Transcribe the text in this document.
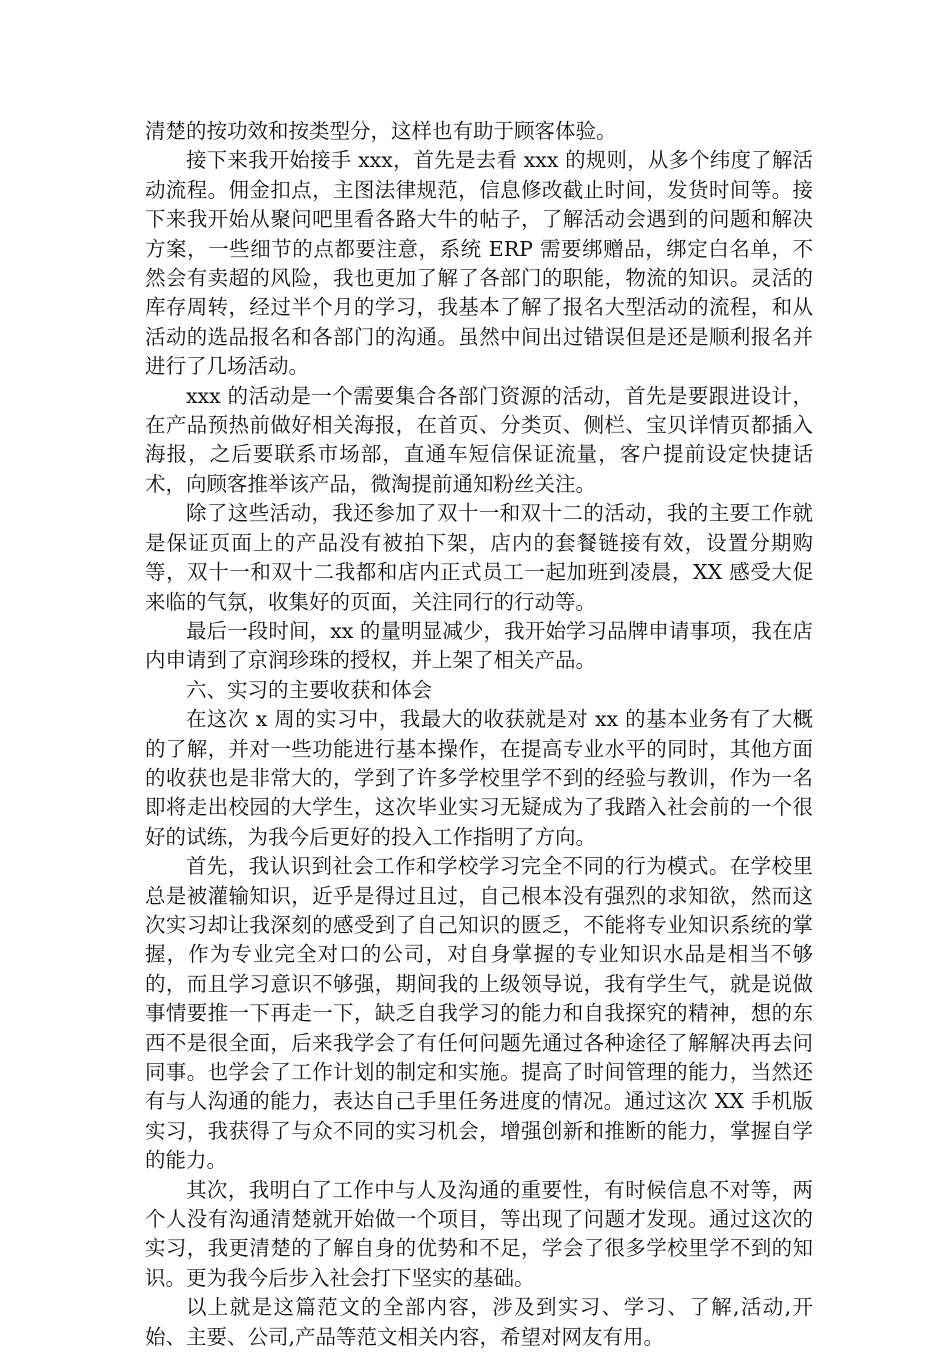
清楚的按功效和按类型分，这样也有助于顾客体验。

接下来我开始接手 xxx，首先是去看 xxx 的规则，从多个纬度了解活动流程。佣金扣点，主图法律规范，信息修改截止时间，发货时间等。接下来我开始从聚问吧里看各路大牛的帖子，了解活动会遇到的问题和解决方案，一些细节的点都要注意，系统 ERP 需要绑赠品，绑定白名单，不然会有卖超的风险，我也更加了解了各部门的职能，物流的知识。灵活的库存周转，经过半个月的学习，我基本了解了报名大型活动的流程，和从活动的选品报名和各部门的沟通。虽然中间出过错误但是还是顺利报名并进行了几场活动。

xxx 的活动是一个需要集合各部门资源的活动，首先是要跟进设计，在产品预热前做好相关海报，在首页、分类页、侧栏、宝贝详情页都插入海报，之后要联系市场部，直通车短信保证流量，客户提前设定快捷话术，向顾客推举该产品，微淘提前通知粉丝关注。

除了这些活动，我还参加了双十一和双十二的活动，我的主要工作就是保证页面上的产品没有被拍下架，店内的套餐链接有效，设置分期购等，双十一和双十二我都和店内正式员工一起加班到凌晨，XX 感受大促来临的气氛，收集好的页面，关注同行的行动等。

最后一段时间，xx 的量明显减少，我开始学习品牌申请事项，我在店内申请到了京润珍珠的授权，并上架了相关产品。

六、实习的主要收获和体会

在这次 x 周的实习中，我最大的收获就是对 xx 的基本业务有了大概的了解，并对一些功能进行基本操作，在提高专业水平的同时，其他方面的收获也是非常大的，学到了许多学校里学不到的经验与教训，作为一名即将走出校园的大学生，这次毕业实习无疑成为了我踏入社会前的一个很好的试练，为我今后更好的投入工作指明了方向。

首先，我认识到社会工作和学校学习完全不同的行为模式。在学校里总是被灌输知识，近乎是得过且过，自己根本没有强烈的求知欲，然而这次实习却让我深刻的感受到了自己知识的匮乏，不能将专业知识系统的掌握，作为专业完全对口的公司，对自身掌握的专业知识水品是相当不够的，而且学习意识不够强，期间我的上级领导说，我有学生气，就是说做事情要推一下再走一下，缺乏自我学习的能力和自我探究的精神，想的东西不是很全面，后来我学会了有任何问题先通过各种途径了解解决再去问同事。也学会了工作计划的制定和实施。提高了时间管理的能力，当然还有与人沟通的能力，表达自己手里任务进度的情况。通过这次 XX 手机版实习，我获得了与众不同的实习机会，增强创新和推断的能力，掌握自学的能力。

其次，我明白了工作中与人及沟通的重要性，有时候信息不对等，两个人没有沟通清楚就开始做一个项目，等出现了问题才发现。通过这次的实习，我更清楚的了解自身的优势和不足，学会了很多学校里学不到的知识。更为我今后步入社会打下坚实的基础。

以上就是这篇范文的全部内容，涉及到实习、学习、了解,活动,开始、主要、公司,产品等范文相关内容，希望对网友有用。
